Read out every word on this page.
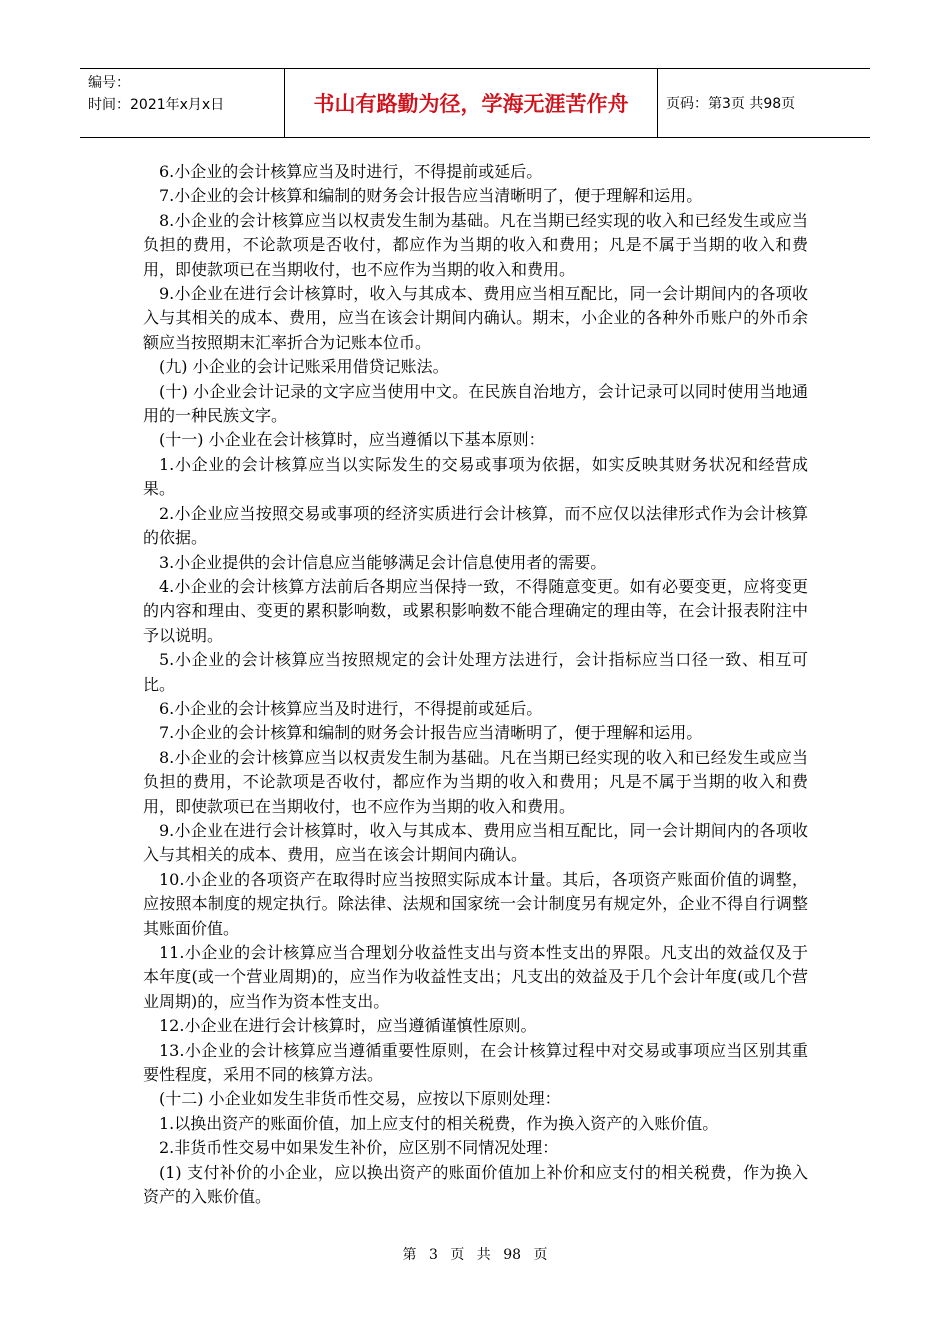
编号：
时间：2021年x月x日	书山有路勤为径，学海无涯苦作舟	页码：第3页 共98页

6.小企业的会计核算应当及时进行，不得提前或延后。

7.小企业的会计核算和编制的财务会计报告应当清晰明了，便于理解和运用。

8.小企业的会计核算应当以权责发生制为基础。凡在当期已经实现的收入和已经发生或应当负担的费用，不论款项是否收付，都应作为当期的收入和费用；凡是不属于当期的收入和费用，即使款项已在当期收付，也不应作为当期的收入和费用。

9.小企业在进行会计核算时，收入与其成本、费用应当相互配比，同一会计期间内的各项收入与其相关的成本、费用，应当在该会计期间内确认。期末，小企业的各种外币账户的外币余额应当按照期末汇率折合为记账本位币。

(九) 小企业的会计记账采用借贷记账法。

(十) 小企业会计记录的文字应当使用中文。在民族自治地方，会计记录可以同时使用当地通用的一种民族文字。

(十一) 小企业在会计核算时，应当遵循以下基本原则：

1.小企业的会计核算应当以实际发生的交易或事项为依据，如实反映其财务状况和经营成果。

2.小企业应当按照交易或事项的经济实质进行会计核算，而不应仅以法律形式作为会计核算的依据。

3.小企业提供的会计信息应当能够满足会计信息使用者的需要。

4.小企业的会计核算方法前后各期应当保持一致，不得随意变更。如有必要变更，应将变更的内容和理由、变更的累积影响数，或累积影响数不能合理确定的理由等，在会计报表附注中予以说明。

5.小企业的会计核算应当按照规定的会计处理方法进行，会计指标应当口径一致、相互可比。

6.小企业的会计核算应当及时进行，不得提前或延后。

7.小企业的会计核算和编制的财务会计报告应当清晰明了，便于理解和运用。

8.小企业的会计核算应当以权责发生制为基础。凡在当期已经实现的收入和已经发生或应当负担的费用，不论款项是否收付，都应作为当期的收入和费用；凡是不属于当期的收入和费用，即使款项已在当期收付，也不应作为当期的收入和费用。

9.小企业在进行会计核算时，收入与其成本、费用应当相互配比，同一会计期间内的各项收入与其相关的成本、费用，应当在该会计期间内确认。

10.小企业的各项资产在取得时应当按照实际成本计量。其后，各项资产账面价值的调整，应按照本制度的规定执行。除法律、法规和国家统一会计制度另有规定外，企业不得自行调整其账面价值。

11.小企业的会计核算应当合理划分收益性支出与资本性支出的界限。凡支出的效益仅及于本年度(或一个营业周期)的，应当作为收益性支出；凡支出的效益及于几个会计年度(或几个营业周期)的，应当作为资本性支出。

12.小企业在进行会计核算时，应当遵循谨慎性原则。

13.小企业的会计核算应当遵循重要性原则，在会计核算过程中对交易或事项应当区别其重要性程度，采用不同的核算方法。

(十二) 小企业如发生非货币性交易，应按以下原则处理：

1.以换出资产的账面价值，加上应支付的相关税费，作为换入资产的入账价值。

2.非货币性交易中如果发生补价，应区别不同情况处理：

(1) 支付补价的小企业，应以换出资产的账面价值加上补价和应支付的相关税费，作为换入资产的入账价值。

第 3 页 共 98 页
